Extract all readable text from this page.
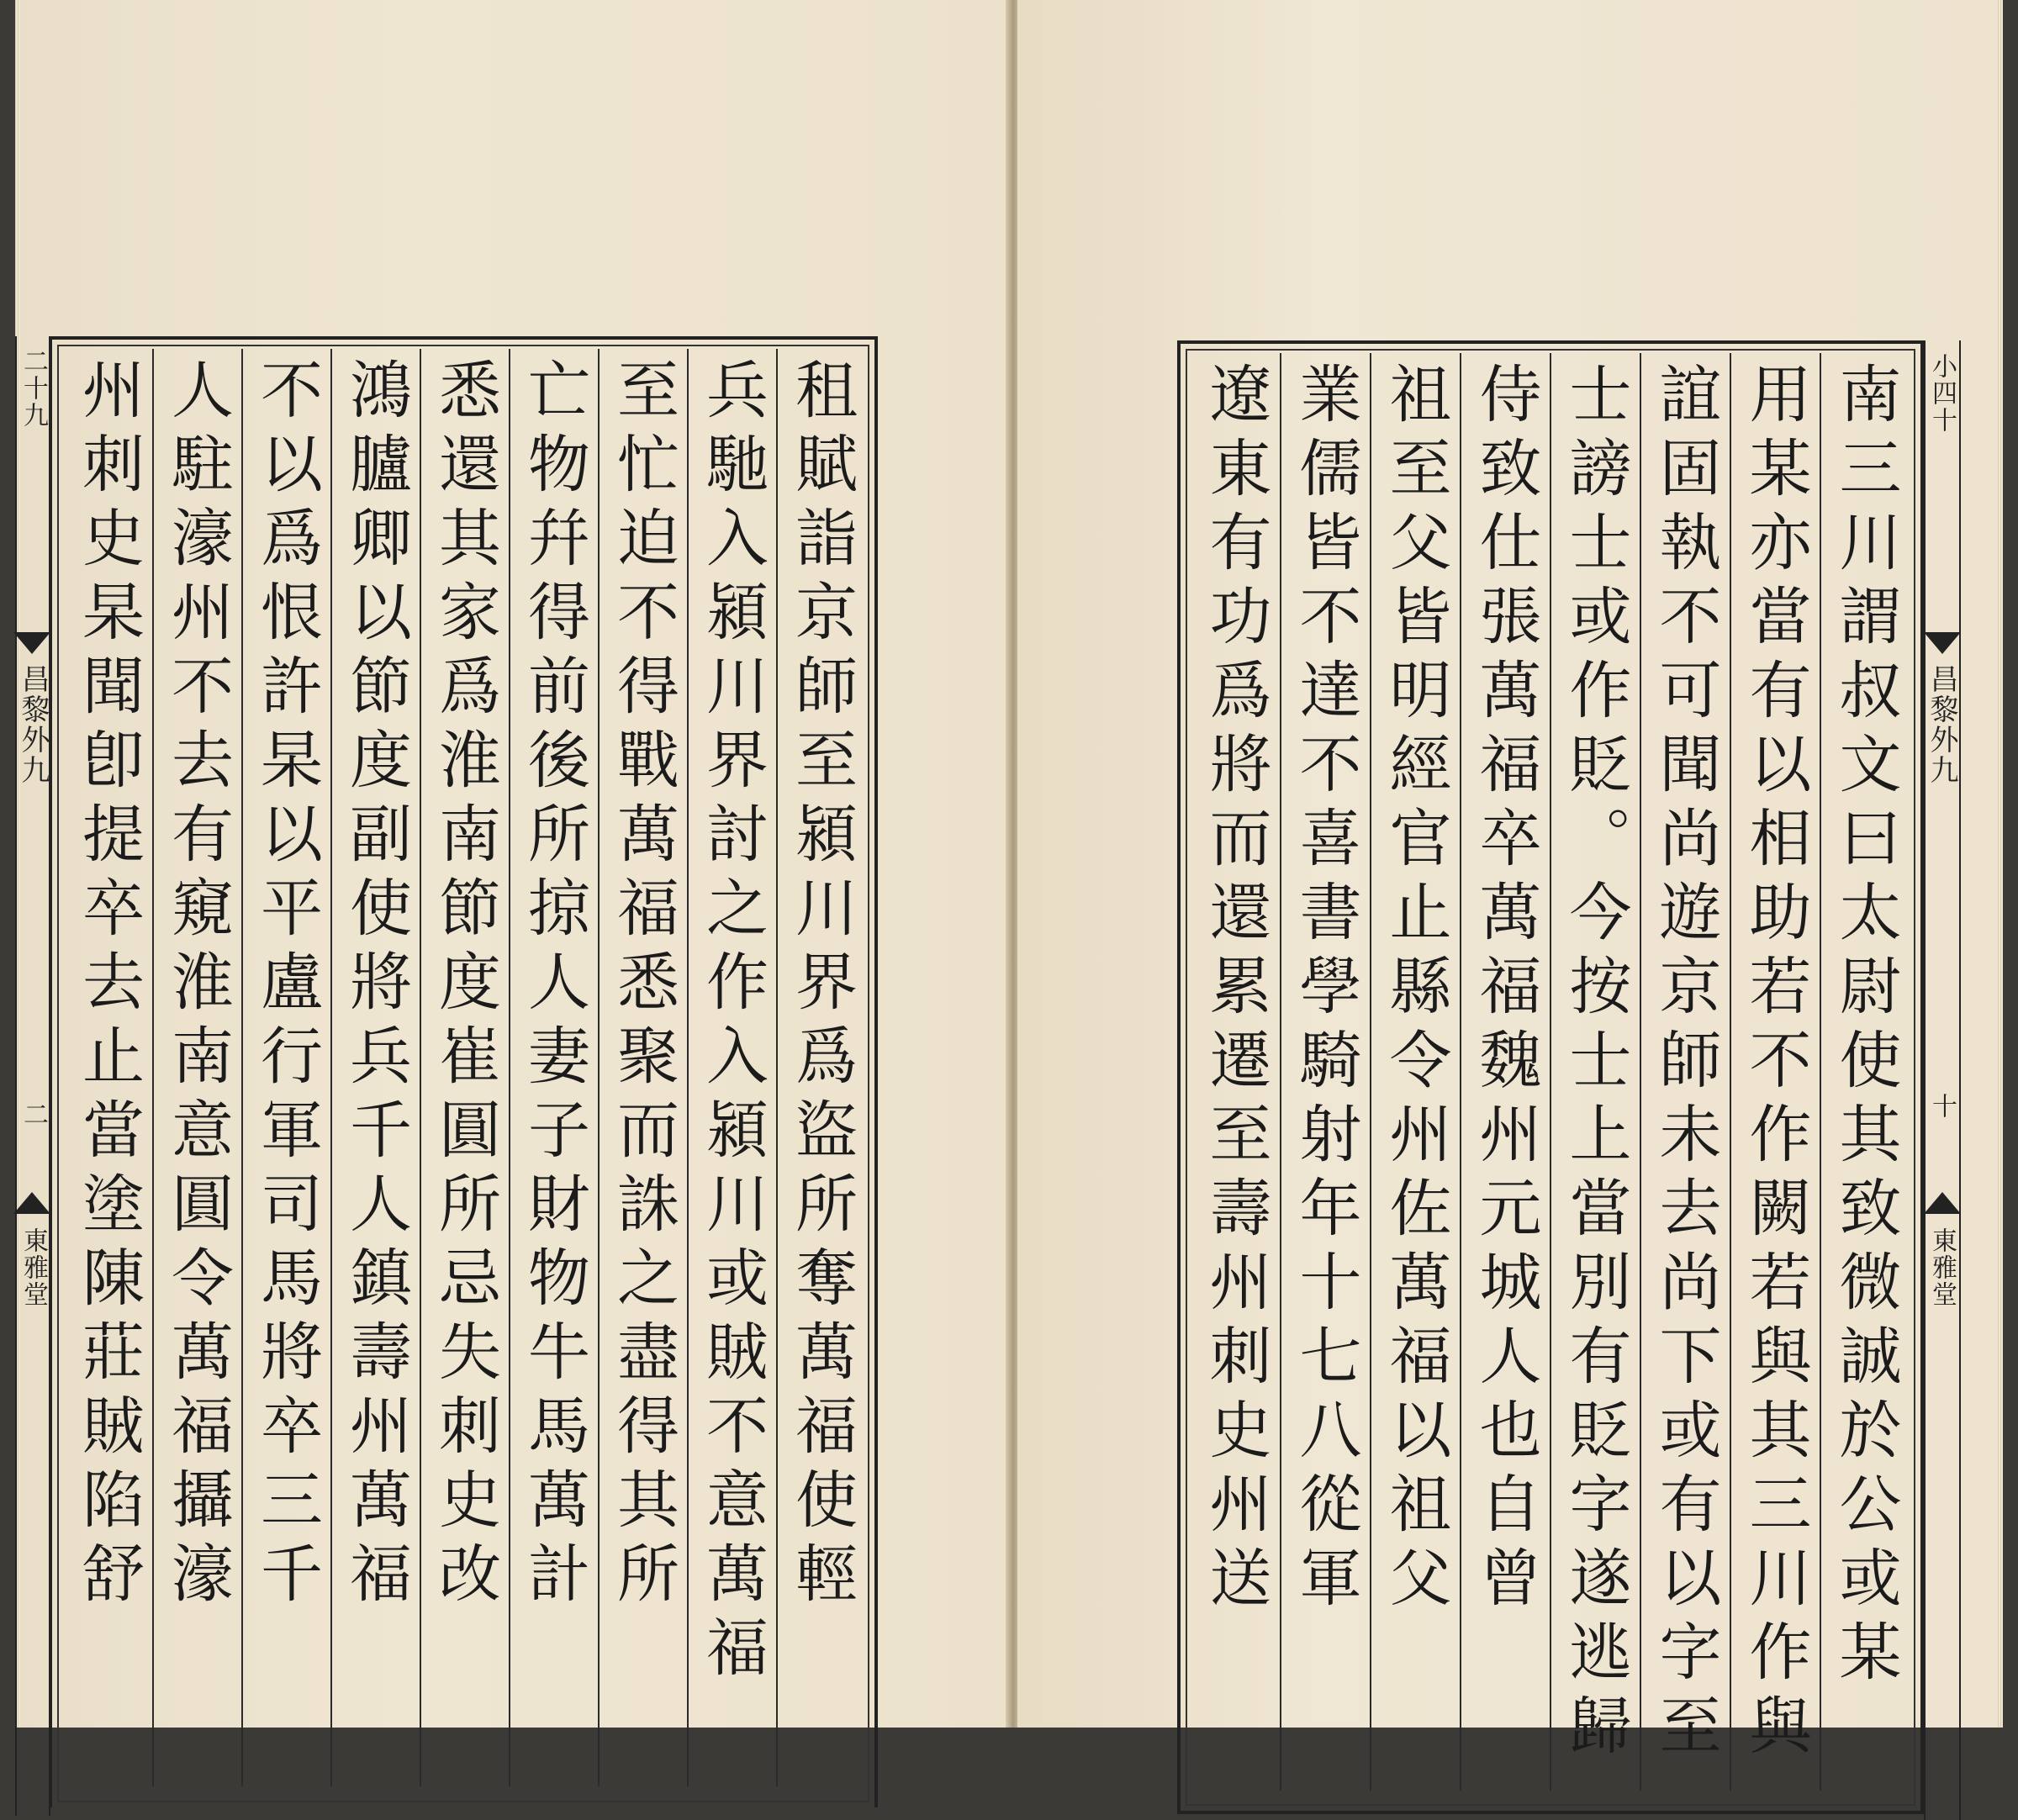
租賦詣京師至潁川界爲盜所奪萬福使輕
兵馳入潁川界討之作入潁川或賊不意萬福
至忙迫不得戰萬福悉聚而誅之盡得其所
亡物幷得前後所掠人妻子財物牛馬萬計
悉還其家爲淮南節度崔圓所忌失刺史改
鴻臚卿以節度副使將兵千人鎮壽州萬福
不以爲恨許杲以平盧行軍司馬將卒三千
人駐濠州不去有窺淮南意圓令萬福攝濠
州刺史杲聞卽提卒去止當塗陳莊賊陷舒
二十九
昌黎外九
二
東雅堂	南三川謂叔文曰太尉使其致微誠於公或某
用某亦當有以相助若不作闕若與其三川作與
誼固執不可聞尚遊京師未去尚下或有以字至
士謗士或作貶。今按士上當別有貶字遂逃歸
侍致仕張萬福卒萬福魏州元城人也自曾
祖至父皆明經官止縣令州佐萬福以祖父
業儒皆不達不喜書學騎射年十七八從軍
遼東有功爲將而還累遷至壽州刺史州送	小四十
昌黎外九
十
東雅堂
